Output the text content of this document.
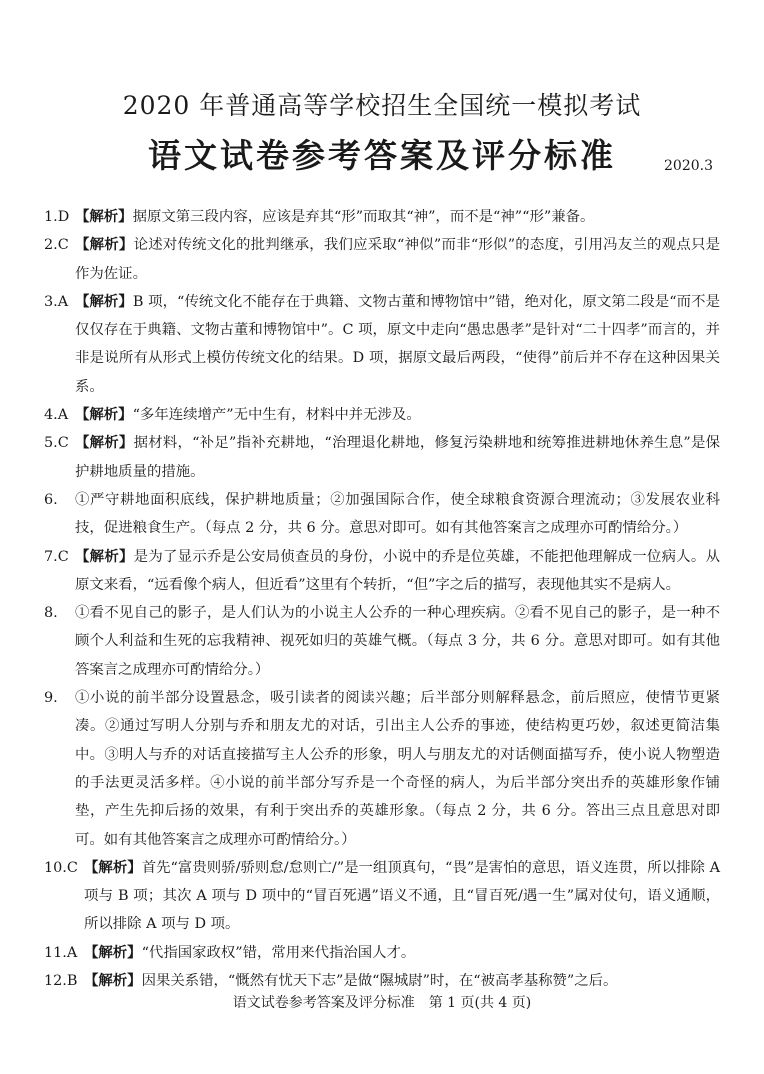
2020 年普通高等学校招生全国统一模拟考试
语文试卷参考答案及评分标准	2020.3
1.D 【解析】据原文第三段内容，应该是弃其“形”而取其“神”，而不是“神”“形”兼备。
2.C 【解析】论述对传统文化的批判继承，我们应采取“神似”而非“形似”的态度，引用冯友兰的观点只是作为佐证。
3.A 【解析】B 项，“传统文化不能存在于典籍、文物古董和博物馆中”错，绝对化，原文第二段是“而不是仅仅存在于典籍、文物古董和博物馆中”。C 项，原文中走向“愚忠愚孝”是针对“二十四孝”而言的，并非是说所有从形式上模仿传统文化的结果。D 项，据原文最后两段，“使得”前后并不存在这种因果关系。
4.A 【解析】“多年连续增产”无中生有，材料中并无涉及。
5.C 【解析】据材料，“补足”指补充耕地，“治理退化耕地，修复污染耕地和统筹推进耕地休养生息”是保护耕地质量的措施。
6. ①严守耕地面积底线，保护耕地质量；②加强国际合作，使全球粮食资源合理流动；③发展农业科技，促进粮食生产。（每点 2 分，共 6 分。意思对即可。如有其他答案言之成理亦可酌情给分。）
7.C 【解析】是为了显示乔是公安局侦查员的身份，小说中的乔是位英雄，不能把他理解成一位病人。从原文来看，“远看像个病人，但近看”这里有个转折，“但”字之后的描写，表现他其实不是病人。
8. ①看不见自己的影子，是人们认为的小说主人公乔的一种心理疾病。②看不见自己的影子，是一种不顾个人利益和生死的忘我精神、视死如归的英雄气概。（每点 3 分，共 6 分。意思对即可。如有其他答案言之成理亦可酌情给分。）
9. ①小说的前半部分设置悬念，吸引读者的阅读兴趣；后半部分则解释悬念，前后照应，使情节更紧凑。②通过写明人分别与乔和朋友尤的对话，引出主人公乔的事迹，使结构更巧妙，叙述更简洁集中。③明人与乔的对话直接描写主人公乔的形象，明人与朋友尤的对话侧面描写乔，使小说人物塑造的手法更灵活多样。④小说的前半部分写乔是一个奇怪的病人，为后半部分突出乔的英雄形象作铺垫，产生先抑后扬的效果，有利于突出乔的英雄形象。（每点 2 分，共 6 分。答出三点且意思对即可。如有其他答案言之成理亦可酌情给分。）
10.C 【解析】首先“富贵则骄/骄则怠/怠则亡/”是一组顶真句，“畏”是害怕的意思，语义连贯，所以排除 A 项与 B 项；其次 A 项与 D 项中的“冒百死遇”语义不通，且“冒百死/遇一生”属对仗句，语义通顺，所以排除 A 项与 D 项。
11.A 【解析】“代指国家政权”错，常用来代指治国人才。
12.B 【解析】因果关系错，“慨然有忧天下志”是做“隰城尉”时，在“被高孝基称赞”之后。
语文试卷参考答案及评分标准　第 1 页(共 4 页)
